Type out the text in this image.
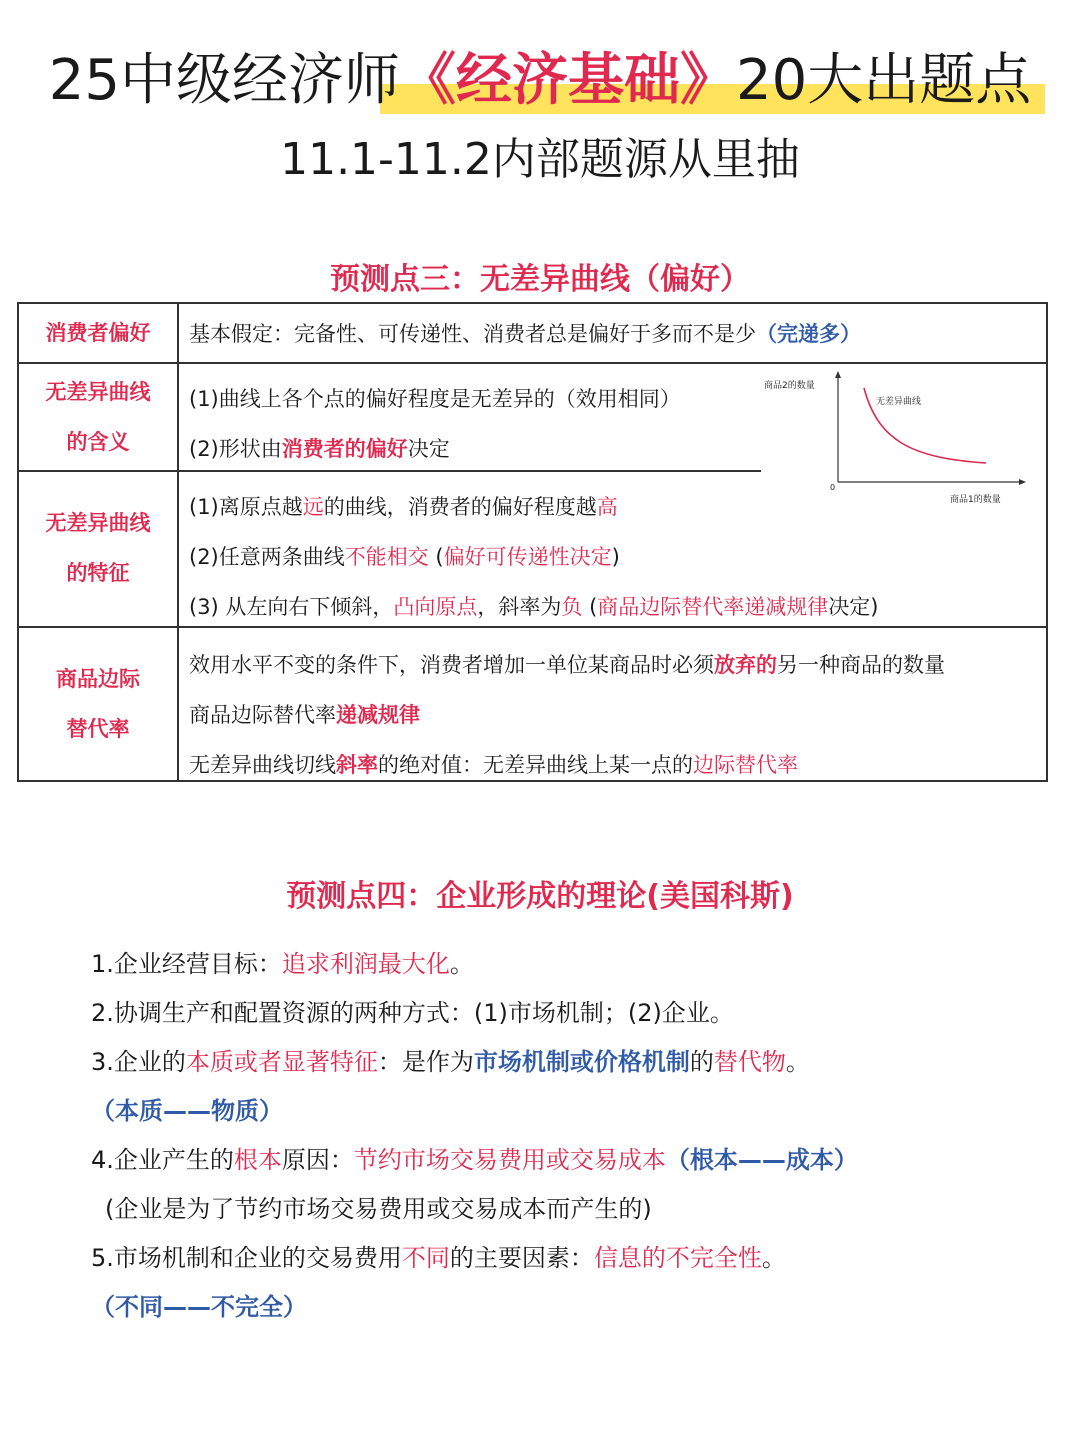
25中级经济师《经济基础》20大出题点
11.1-11.2内部题源从里抽
预测点三：无差异曲线（偏好）
消费者偏好 基本假定：完备性、可传递性、消费者总是偏好于多而不是少（完递多）
无差异曲线
的含义
(1)曲线上各个点的偏好程度是无差异的（效用相同）
(2)形状由消费者的偏好决定
无差异曲线
的特征
(1)离原点越远的曲线，消费者的偏好程度越高
(2)任意两条曲线不能相交 (偏好可传递性决定)
(3) 从左向右下倾斜，凸向原点，斜率为负 (商品边际替代率递减规律决定)
商品边际
替代率
效用水平不变的条件下，消费者增加一单位某商品时必须放弃的另一种商品的数量
商品边际替代率递减规律
无差异曲线切线斜率的绝对值：无差异曲线上某一点的边际替代率
商品2的数量
商品1的数量
无差异曲线
0
预测点四：企业形成的理论(美国科斯)
1.企业经营目标：追求利润最大化。
2.协调生产和配置资源的两种方式：(1)市场机制；(2)企业。
3.企业的本质或者显著特征：是作为市场机制或价格机制的替代物。
（本质——物质）
4.企业产生的根本原因：节约市场交易费用或交易成本（根本——成本）
(企业是为了节约市场交易费用或交易成本而产生的)
5.市场机制和企业的交易费用不同的主要因素：信息的不完全性。
（不同——不完全）
